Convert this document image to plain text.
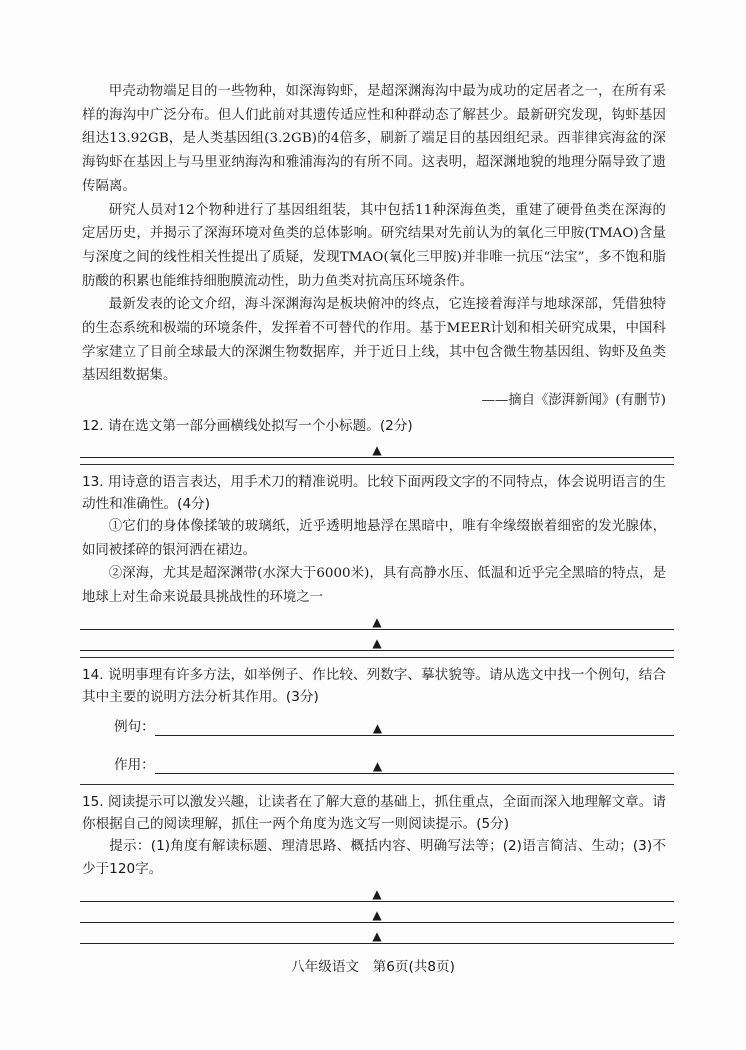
甲壳动物端足目的一些物种，如深海钩虾，是超深渊海沟中最为成功的定居者之一，在所有采样的海沟中广泛分布。但人们此前对其遗传适应性和种群动态了解甚少。最新研究发现，钩虾基因组达13.92GB，是人类基因组(3.2GB)的4倍多，刷新了端足目的基因组纪录。西菲律宾海盆的深海钩虾在基因上与马里亚纳海沟和雅浦海沟的有所不同。这表明，超深渊地貌的地理分隔导致了遗传隔离。

研究人员对12个物种进行了基因组组装，其中包括11种深海鱼类，重建了硬骨鱼类在深海的定居历史，并揭示了深海环境对鱼类的总体影响。研究结果对先前认为的氧化三甲胺(TMAO)含量与深度之间的线性相关性提出了质疑，发现TMAO(氧化三甲胺)并非唯一抗压“法宝”，多不饱和脂肪酸的积累也能维持细胞膜流动性，助力鱼类对抗高压环境条件。

最新发表的论文介绍，海斗深渊海沟是板块俯冲的终点，它连接着海洋与地球深部，凭借独特的生态系统和极端的环境条件，发挥着不可替代的作用。基于MEER计划和相关研究成果，中国科学家建立了目前全球最大的深渊生物数据库，并于近日上线，其中包含微生物基因组、钩虾及鱼类基因组数据集。

——摘自《澎湃新闻》(有删节)

12. 请在选文第一部分画横线处拟写一个小标题。(2分)

▲

13. 用诗意的语言表达，用手术刀的精准说明。比较下面两段文字的不同特点，体会说明语言的生动性和准确性。(4分)

①它们的身体像揉皱的玻璃纸，近乎透明地悬浮在黑暗中，唯有伞缘缀嵌着细密的发光腺体，如同被揉碎的银河洒在裙边。

②深海，尤其是超深渊带(水深大于6000米)，具有高静水压、低温和近乎完全黑暗的特点，是地球上对生命来说最具挑战性的环境之一

▲
▲

14. 说明事理有许多方法，如举例子、作比较、列数字、摹状貌等。请从选文中找一个例句，结合其中主要的说明方法分析其作用。(3分)

例句：	▲
作用：	▲

15. 阅读提示可以激发兴趣，让读者在了解大意的基础上，抓住重点，全面而深入地理解文章。请你根据自己的阅读理解，抓住一两个角度为选文写一则阅读提示。(5分)

提示：(1)角度有解读标题、理清思路、概括内容、明确写法等；(2)语言简洁、生动；(3)不少于120字。

▲
▲
▲
八年级语文　第6页(共8页)
